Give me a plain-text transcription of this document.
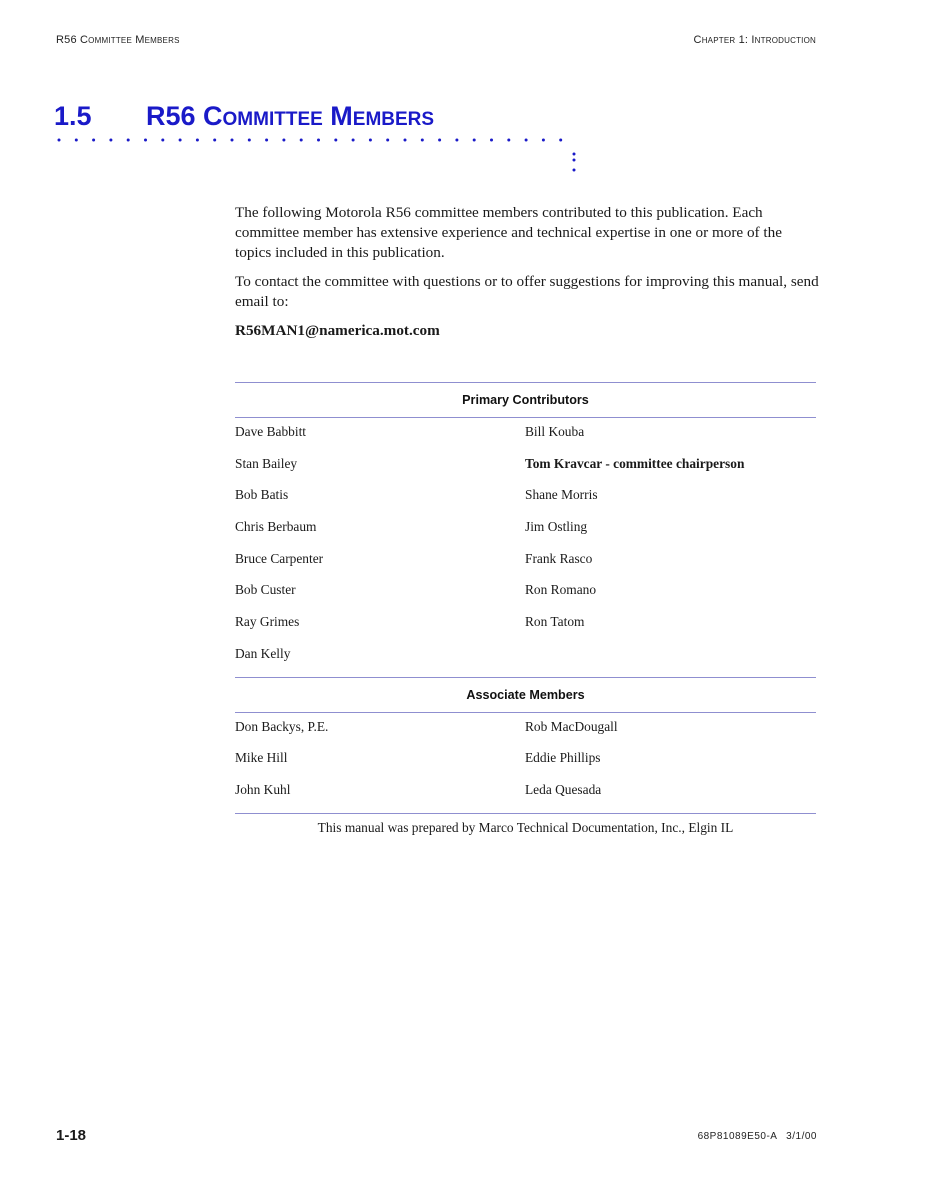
R56 Committee Members	Chapter 1: Introduction
1.5 R56 Committee Members

The following Motorola R56 committee members contributed to this publication. Each committee member has extensive experience and technical expertise in one or more of the topics included in this publication.

To contact the committee with questions or to offer suggestions for improving this manual, send email to:

R56MAN1@namerica.mot.com

Primary Contributors
Dave Babbitt	Bill Kouba
Stan Bailey	Tom Kravcar - committee chairperson
Bob Batis	Shane Morris
Chris Berbaum	Jim Ostling
Bruce Carpenter	Frank Rasco
Bob Custer	Ron Romano
Ray Grimes	Ron Tatom
Dan Kelly
Associate Members
Don Backys, P.E.	Rob MacDougall
Mike Hill	Eddie Phillips
John Kuhl	Leda Quesada
This manual was prepared by Marco Technical Documentation, Inc., Elgin IL
1-18	68P81089E50-A 3/1/00
